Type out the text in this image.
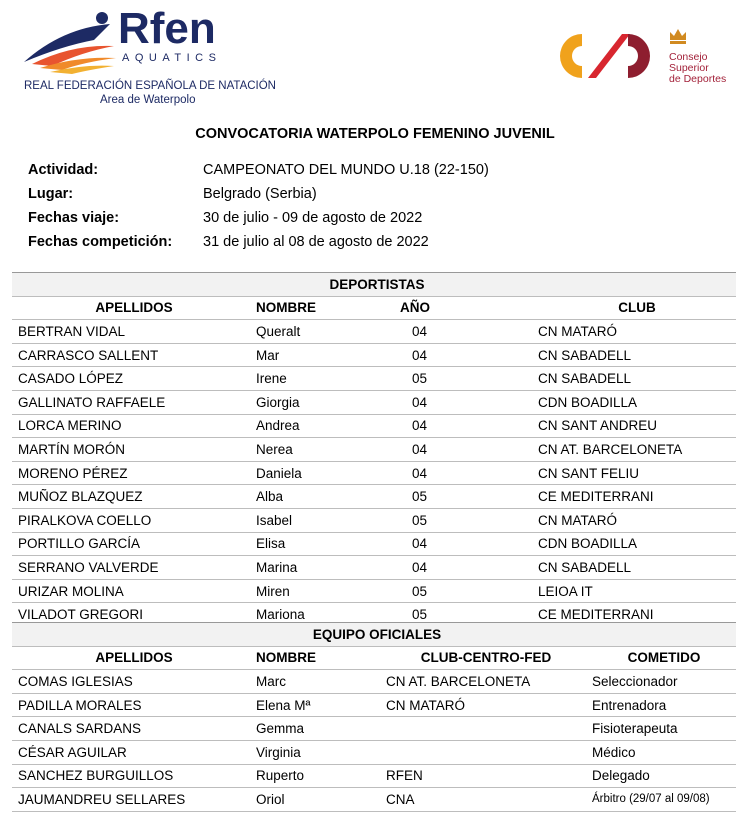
Rfen
AQUATICS
REAL FEDERACIÓN ESPAÑOLA DE NATACIÓN
Area de Waterpolo
Consejo
Superior
de Deportes
CONVOCATORIA WATERPOLO FEMENINO JUVENIL
Actividad:	CAMPEONATO DEL MUNDO U.18 (22-150)
Lugar:	Belgrado (Serbia)
Fechas viaje:	30 de julio - 09 de agosto de 2022
Fechas competición:	31 de julio al 08 de agosto de 2022
DEPORTISTAS			
APELLIDOS	NOMBRE	AÑO	CLUB
BERTRAN VIDAL	Queralt	04	CN MATARÓ
CARRASCO SALLENT	Mar	04	CN SABADELL
CASADO LÓPEZ	Irene	05	CN SABADELL
GALLINATO RAFFAELE	Giorgia	04	CDN BOADILLA
LORCA MERINO	Andrea	04	CN SANT ANDREU
MARTÍN MORÓN	Nerea	04	CN AT. BARCELONETA
MORENO PÉREZ	Daniela	04	CN SANT FELIU
MUÑOZ BLAZQUEZ	Alba	05	CE MEDITERRANI
PIRALKOVA COELLO	Isabel	05	CN MATARÓ
PORTILLO GARCÍA	Elisa	04	CDN BOADILLA
SERRANO VALVERDE	Marina	04	CN SABADELL
URIZAR MOLINA	Miren	05	LEIOA IT
VILADOT GREGORI	Mariona	05	CE MEDITERRANI
EQUIPO OFICIALES			
APELLIDOS	NOMBRE	CLUB-CENTRO-FED	COMETIDO
COMAS IGLESIAS	Marc	CN AT. BARCELONETA	Seleccionador
PADILLA MORALES	Elena Mª	CN MATARÓ	Entrenadora
CANALS SARDANS	Gemma		Fisioterapeuta
CÉSAR AGUILAR	Virginia		Médico
SANCHEZ BURGUILLOS	Ruperto	RFEN	Delegado
JAUMANDREU SELLARES	Oriol	CNA	Árbitro (29/07 al 09/08)
